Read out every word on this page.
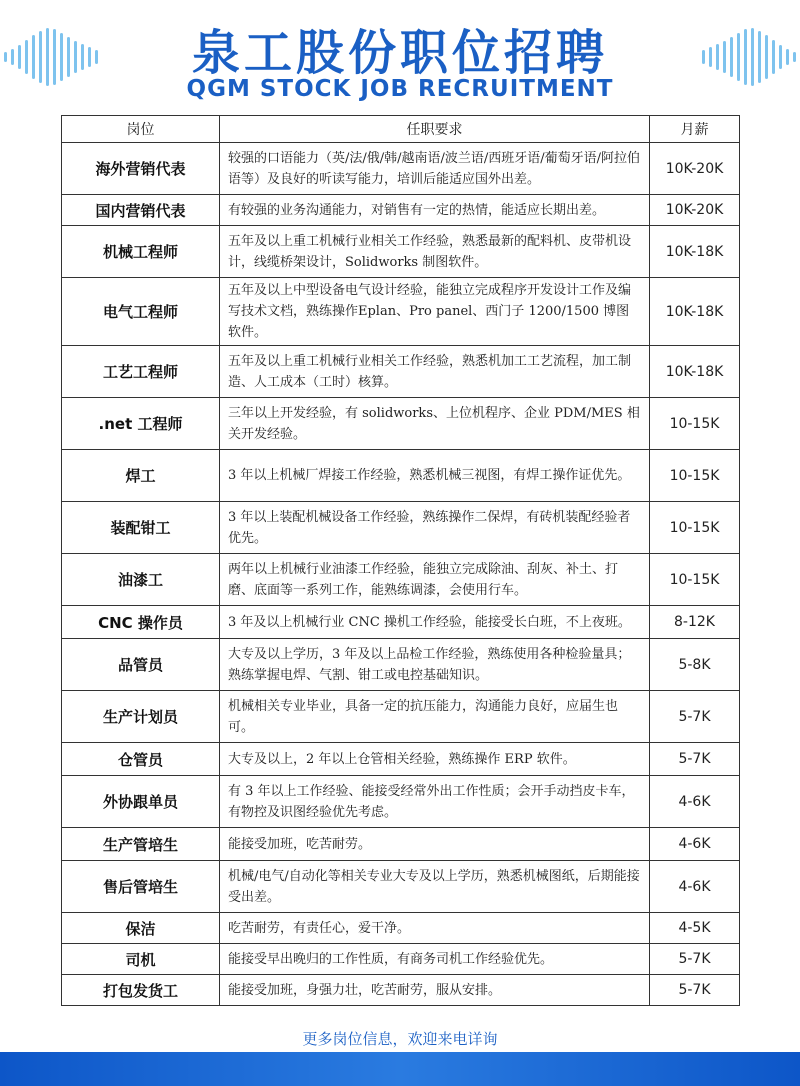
泉工股份职位招聘
QGM STOCK JOB RECRUITMENT
岗位	任职要求	月薪
海外营销代表	较强的口语能力（英/法/俄/韩/越南语/波兰语/西班牙语/葡萄牙语/阿拉伯语等）及良好的听读写能力，培训后能适应国外出差。	10K-20K
国内营销代表	有较强的业务沟通能力，对销售有一定的热情，能适应长期出差。	10K-20K
机械工程师	五年及以上重工机械行业相关工作经验，熟悉最新的配料机、皮带机设计，线缆桥架设计，Solidworks 制图软件。	10K-18K
电气工程师	五年及以上中型设备电气设计经验，能独立完成程序开发设计工作及编写技术文档，熟练操作Eplan、Pro panel、西门子 1200/1500 博图软件。	10K-18K
工艺工程师	五年及以上重工机械行业相关工作经验，熟悉机加工工艺流程，加工制造、人工成本（工时）核算。	10K-18K
.net 工程师	三年以上开发经验，有 solidworks、上位机程序、企业 PDM/MES 相关开发经验。	10-15K
焊工	3 年以上机械厂焊接工作经验，熟悉机械三视图，有焊工操作证优先。	10-15K
装配钳工	3 年以上装配机械设备工作经验，熟练操作二保焊，有砖机装配经验者优先。	10-15K
油漆工	两年以上机械行业油漆工作经验，能独立完成除油、刮灰、补土、打磨、底面等一系列工作，能熟练调漆，会使用行车。	10-15K
CNC 操作员	3 年及以上机械行业 CNC 操机工作经验，能接受长白班，不上夜班。	8-12K
品管员	大专及以上学历，3 年及以上品检工作经验，熟练使用各种检验量具；熟练掌握电焊、气割、钳工或电控基础知识。	5-8K
生产计划员	机械相关专业毕业，具备一定的抗压能力，沟通能力良好，应届生也可。	5-7K
仓管员	大专及以上，2 年以上仓管相关经验，熟练操作 ERP 软件。	5-7K
外协跟单员	有 3 年以上工作经验、能接受经常外出工作性质；会开手动挡皮卡车，有物控及识图经验优先考虑。	4-6K
生产管培生	能接受加班，吃苦耐劳。	4-6K
售后管培生	机械/电气/自动化等相关专业大专及以上学历，熟悉机械图纸，后期能接受出差。	4-6K
保洁	吃苦耐劳，有责任心，爱干净。	4-5K
司机	能接受早出晚归的工作性质，有商务司机工作经验优先。	5-7K
打包发货工	能接受加班，身强力壮，吃苦耐劳，服从安排。	5-7K
更多岗位信息，欢迎来电详询
